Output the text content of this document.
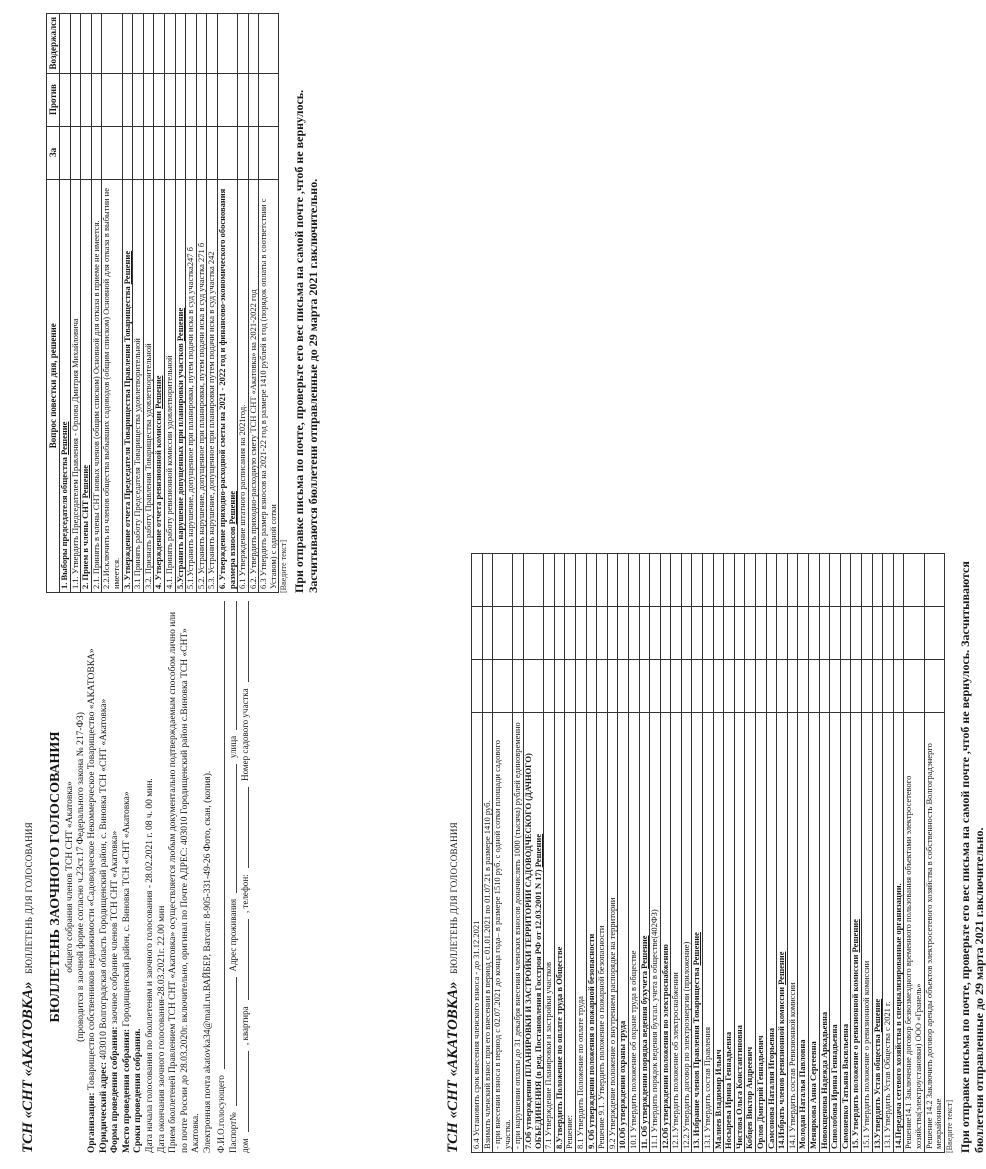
ТСН «СНТ «АКАТОВКА» БЮЛЛЕТЕНЬ ДЛЯ ГОЛОСОВАНИЯ БЮЛЛЕТЕНЬ ЗАОЧНОГО ГОЛОСОВАНИЯ общего собрания членов ТСН СНТ «Акатовка» (проводится в заочной форме согласно ч.23ст.17 Федерального закона № 217-ФЗ)
Организация: Товарищество собственников недвижимости «Садоводческое Некоммерческое Товарищество «АКАТОВКА»
Юридический адрес: 403010 Волгоградская область Городищенский район, с. Виновка ТСН «СНТ «Акатовка»
Форма проведения собрания: заочное собрание членов ТСН СНТ «Акатовка»
Место проведения собрания: Городищенский район, с. Виновка ТСН «СНТ «Акатовка»
Сроки проведения собрания. Дата начала голосования по бюллетеням и заочного голосования - 28.02.2021 г. 08 ч. 00 мин. Дата окончания заочного голосования-28.03.2021г. 22.00 мин Прием бюллетеней Правлением ТСН СНТ «Акатовка» осуществляется любым документально подтверждаемым способом лично или по почте России до 28.03.2020г. включительно, оригинал по Почте АДРЕС: 403010 Городищенский район с.Виновка ТСН «СНТ» Акатовка. Электронная почта akatovka34@mail.ru.ВАЙБЕР, Ватсап: 8-905-331-49-26 Фото, скан, (копия). Ф.И.О.голосующего Паспорт№
Адрес проживания
улица
дом
, квартира
, телефон:
Номер садового участка
Вопрос повестки дня, решение	За	Против	Воздержался
1. Выборы председателя общества Решение			
1.1. Утвердить Председателем Правления - Орлова Дмитрия Михайловича			
2. Прием в члены СНТ Решение			
2.1. Принять в члены СНТ новых членов (общим списком) Основной для отказа в приеме не имеется.			
2.2.Исключить из членов общества выбывших садоводов (общим списком) Основной для отказа в выбытии не имеется.			
3. Утверждение отчета Председателя Товарищества Правления Товарищества Решение			
3.1 Принять работу Председателя Товарищества удовлетворительной			
3.2. Признать работу Правления Товарищества удовлетворительной			
4. Утверждение отчета ревизионной комиссии Решение			
4.1. Принять работу ревизионной комиссии удовлетворительной			
5.Устранить нарушение допущенных при планировки участков Решение			
5.1.Устранить нарушение, допущенное при планировки, путем подачи иска в суд участка247 б			
5.2. Устранить нарушение, допущенное при планировки, путем подачи иска в суд участка 271 б			
5.3. Устранить нарушение, допущенное при планировки путем подачи иска в суд участка 242			
6. Утверждение приходно-расходной сметы на 2021 - 2022 год и финансово-экономического обоснования размера взносов Решение			
6.1 Утверждение штатного расписания на 2021год.			
6.2. Утвердить приходно-расходную смету ТСН СНТ «Акатовка» на 2021-2022 год			
6.3 Утвердить размер взносов на 2021-22 год в размере 1410 рублей в год (порядок оплаты в соответствии с Уставом) с одной сотки			[Введите текст] При отправке письма по почте, проверьте его вес письма на самой почте ,чтоб не вернулось. Засчитываются бюллетени отправленные до 29 марта 2021 г.включительно.
ТСН «СНТ «АКАТОВКА» БЮЛЛЕТЕНЬ ДЛЯ ГОЛОСОВАНИЯ
6.4 Установить срок внесения членского взноса - до 31.12.2021			
Взимать членский взнос при его внесении в период с 01.01.2021 по 01.07.21 в размере 1410 руб.			
- при внесении взноса в период с 02.07.2021 до конца года– в размере 1510 руб. с одной сотки площади садового участка.			
- при нарушении оплаты до 31 декабря внесения членских взносов доначислять 1000 (тысяча) рублей единовременно			
7.Об утверждении ПЛАНИРОВКИ И ЗАСТРОЙКИ ТЕРРИТОРИИ САДОВОДЧЕСКОГО (ДАЧНОГО) ОБЪЕДИНЕНИЯ (в ред. Постановления Госстроя РФ от 12.03.2001 N 17) Решение			
7.1 Утверждение Планировки и застройки участков			
8.Утвердить Положение по оплате труда в Обществе			
Решение:			
8.1 Утвердить Положение по оплате труда			
9. Об утверждении положения о пожарной безопасности			
Решение 9.1. Утвердить положение о пожарной безопасности			
9.2 Утверждение положение о внутреннем распорядке на территории			
10.Об утверждении охраны труда			
10.1 Утвердить положение об охране труда в обществе			
11. Об утверждении порядка ведения бухучета Решение			
11.1 Утвердить порядок ведения бухгал. учета в обществе(402ФЗ)			
12.Об утверждении положения по электроснабжению			
12.1.Утвердить положение об электроснабжении			
12.2.Утвердить договор по электроэнергии (приложение)			
13. Избрание членов Правления Товарищества Решение			
13.1 Утвердить состав Правления			
Малиев Владимир Ильич			
Носырева Ирина Геннадьевна			
Чистова Ольга Константиновна			
Кобцев Виктор Андреевич			
Орлов Дмитрий Геннадьевич			
Самсонова Наталия Игорьевна			
14.Избрать членов ревизионной комиссии Решение			
14.1 Утвердить состав Ревизионной комиссии			
Молодан Наталья Павловна			
Меняркова Анна Сергеевна			
Новокщенова Надежда Аркадьевна			
Спиолобова Ирина Геннадьевна			
Симоненко Татьяна Васильевна			
15. Утвердить положение о ревизионной комиссии Решение			
15.1 Утвердить положение о ревизионной комиссии			
13.Утвердить Устав общества Решение			
13.1 Утвердить Устав Общества с 2021 г.			
14.Передача сетевого хозяйства в специализированные организации.			
Решение14.1 Заключение договор безвозмездного временного пользования объектами электросетевого хозяйства(электроустановки) ООО «Гранель»			
Решение 14.2 Заключить договор аренды объектов электросетевого хозяйства в собственность Волгоградэнерго межрайонные			[Введите текст] При отправке письма по почте, проверьте его вес письма на самой почте ,чтоб не вернулось. Засчитываются бюллетени отправленные до 29 марта 2021 г.включительно.
